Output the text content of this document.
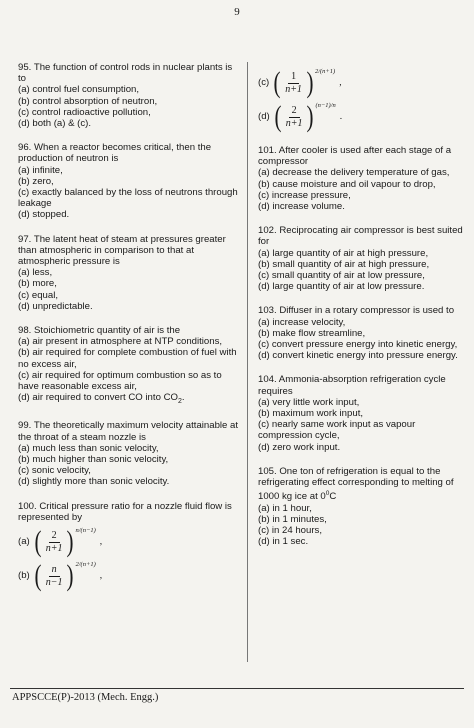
9

95. The function of control rods in nuclear plants is to

(a) control fuel consumption,

(b) control absorption of neutron,

(c) control radioactive pollution,

(d) both (a) & (c).

96. When a reactor becomes critical, then the production of neutron is

(a) infinite,

(b) zero,

(c) exactly balanced by the loss of neutrons through leakage

(d) stopped.

97. The latent heat of steam at pressures greater than atmospheric in comparison to that at atmospheric pressure is

(a) less,

(b) more,

(c) equal,

(d) unpredictable.

98. Stoichiometric quantity of air is the

(a) air present in atmosphere at NTP conditions,

(b) air required for complete combustion of fuel with no excess air,

(c) air required for optimum combustion so as to have reasonable excess air,

(d) air required to convert CO into $CO_2$.

99. The theoretically maximum velocity attainable at the throat of a steam nozzle is

(a) much less than sonic velocity,

(b) much higher than sonic velocity,

(c) sonic velocity,

(d) slightly more than sonic velocity.

100. Critical pressure ratio for a nozzle fluid flow is represented by

(a) ( $\frac{2}{n+1}$ ) n/(n−1)
,
(b) ( $\frac{n}{n-1}$ ) 2/(n+1)
,
(c) ( $\frac{1}{n+1}$ ) 2/(n+1)
,
(d) ( $\frac{2}{n+1}$ ) (n−1)/n
.

101. After cooler is used after each stage of a compressor

(a) decrease the delivery temperature of gas,

(b) cause moisture and oil vapour to drop,

(c) increase pressure,

(d) increase volume.

102. Reciprocating air compressor is best suited for

(a) large quantity of air at high pressure,

(b) small quantity of air at high pressure,

(c) small quantity of air at low pressure,

(d) large quantity of air at low pressure.

103. Diffuser in a rotary compressor is used to

(a) increase velocity,

(b) make flow streamline,

(c) convert pressure energy into kinetic energy,

(d) convert kinetic energy into pressure energy.

104. Ammonia-absorption refrigeration cycle requires

(a) very little work input,

(b) maximum work input,

(c) nearly same work input as vapour compression cycle,

(d) zero work input.

105. One ton of refrigeration is equal to the refrigerating effect corresponding to melting of 1000 kg ice at $0^0C$

(a) in 1 hour,

(b) in 1 minutes,

(c) in 24 hours,

(d) in 1 sec.

APPSCCE(P)-2013 (Mech. Engg.)
